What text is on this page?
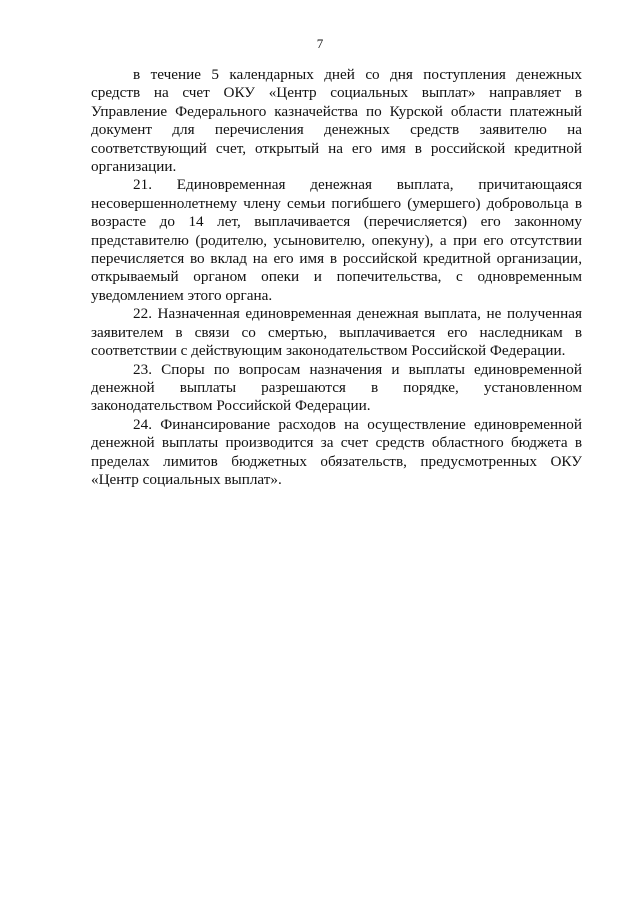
7

в течение 5 календарных дней со дня поступления денежных средств на счет ОКУ «Центр социальных выплат» направляет в Управление Федерального казначейства по Курской области платежный документ для перечисления денежных средств заявителю на соответствующий счет, открытый на его имя в российской кредитной организации.

21. Единовременная денежная выплата, причитающаяся несовершеннолетнему члену семьи погибшего (умершего) добровольца в возрасте до 14 лет, выплачивается (перечисляется) его законному представителю (родителю, усыновителю, опекуну), а при его отсутствии перечисляется во вклад на его имя в российской кредитной организации, открываемый органом опеки и попечительства, с одновременным уведомлением этого органа.

22. Назначенная единовременная денежная выплата, не полученная заявителем в связи со смертью, выплачивается его наследникам в соответствии с действующим законодательством Российской Федерации.

23. Споры по вопросам назначения и выплаты единовременной денежной выплаты разрешаются в порядке, установленном законодательством Российской Федерации.

24. Финансирование расходов на осуществление единовременной денежной выплаты производится за счет средств областного бюджета в пределах лимитов бюджетных обязательств, предусмотренных ОКУ «Центр социальных выплат».
